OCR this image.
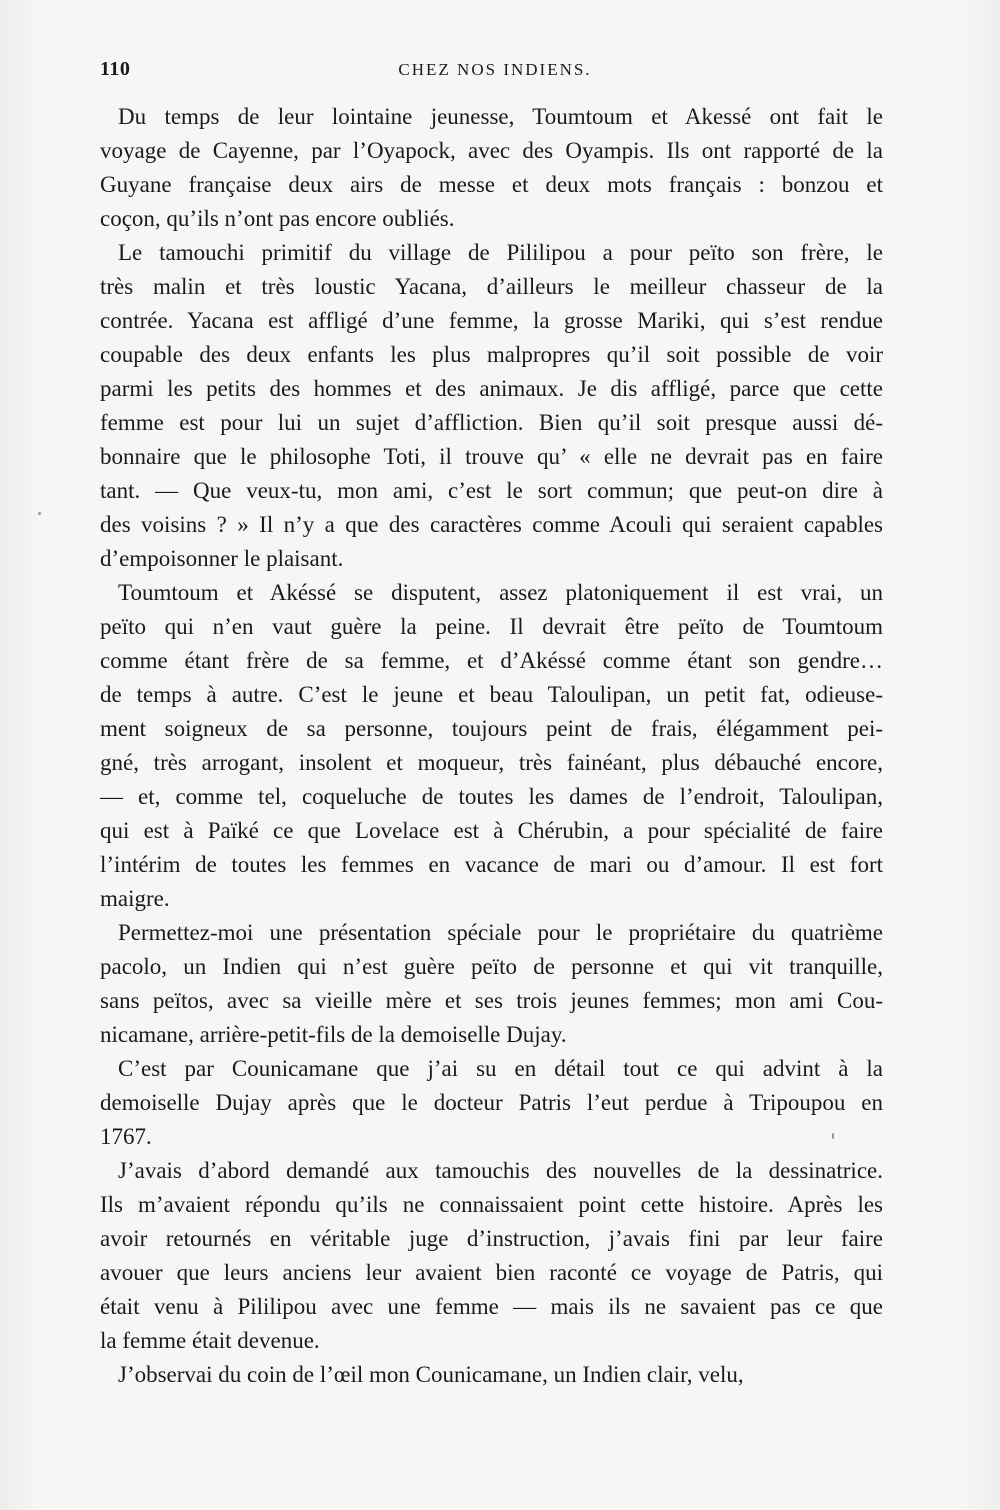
110	CHEZ NOS INDIENS.
Du temps de leur lointaine jeunesse, Toumtoum et Akessé ont fait le
voyage de Cayenne, par l’Oyapock, avec des Oyampis. Ils ont rapporté de la
Guyane française deux airs de messe et deux mots français : bonzou et
coçon, qu’ils n’ont pas encore oubliés.
Le tamouchi primitif du village de Pililipou a pour peïto son frère, le
très malin et très loustic Yacana, d’ailleurs le meilleur chasseur de la
contrée. Yacana est affligé d’une femme, la grosse Mariki, qui s’est rendue
coupable des deux enfants les plus malpropres qu’il soit possible de voir
parmi les petits des hommes et des animaux. Je dis affligé, parce que cette
femme est pour lui un sujet d’affliction. Bien qu’il soit presque aussi dé-
bonnaire que le philosophe Toti, il trouve qu’ « elle ne devrait pas en faire
tant. — Que veux-tu, mon ami, c’est le sort commun; que peut-on dire à
des voisins ? » Il n’y a que des caractères comme Acouli qui seraient capables
d’empoisonner le plaisant.
Toumtoum et Akéssé se disputent, assez platoniquement il est vrai, un
peïto qui n’en vaut guère la peine. Il devrait être peïto de Toumtoum
comme étant frère de sa femme, et d’Akéssé comme étant son gendre…
de temps à autre. C’est le jeune et beau Taloulipan, un petit fat, odieuse-
ment soigneux de sa personne, toujours peint de frais, élégamment pei-
gné, très arrogant, insolent et moqueur, très fainéant, plus débauché encore,
— et, comme tel, coqueluche de toutes les dames de l’endroit, Taloulipan,
qui est à Païké ce que Lovelace est à Chérubin, a pour spécialité de faire
l’intérim de toutes les femmes en vacance de mari ou d’amour. Il est fort
maigre.
Permettez-moi une présentation spéciale pour le propriétaire du quatrième
pacolo, un Indien qui n’est guère peïto de personne et qui vit tranquille,
sans peïtos, avec sa vieille mère et ses trois jeunes femmes; mon ami Cou-
nicamane, arrière-petit-fils de la demoiselle Dujay.
C’est par Counicamane que j’ai su en détail tout ce qui advint à la
demoiselle Dujay après que le docteur Patris l’eut perdue à Tripoupou en
1767.
J’avais d’abord demandé aux tamouchis des nouvelles de la dessinatrice.
Ils m’avaient répondu qu’ils ne connaissaient point cette histoire. Après les
avoir retournés en véritable juge d’instruction, j’avais fini par leur faire
avouer que leurs anciens leur avaient bien raconté ce voyage de Patris, qui
était venu à Pililipou avec une femme — mais ils ne savaient pas ce que
la femme était devenue.
J’observai du coin de l’œil mon Counicamane, un Indien clair, velu,
